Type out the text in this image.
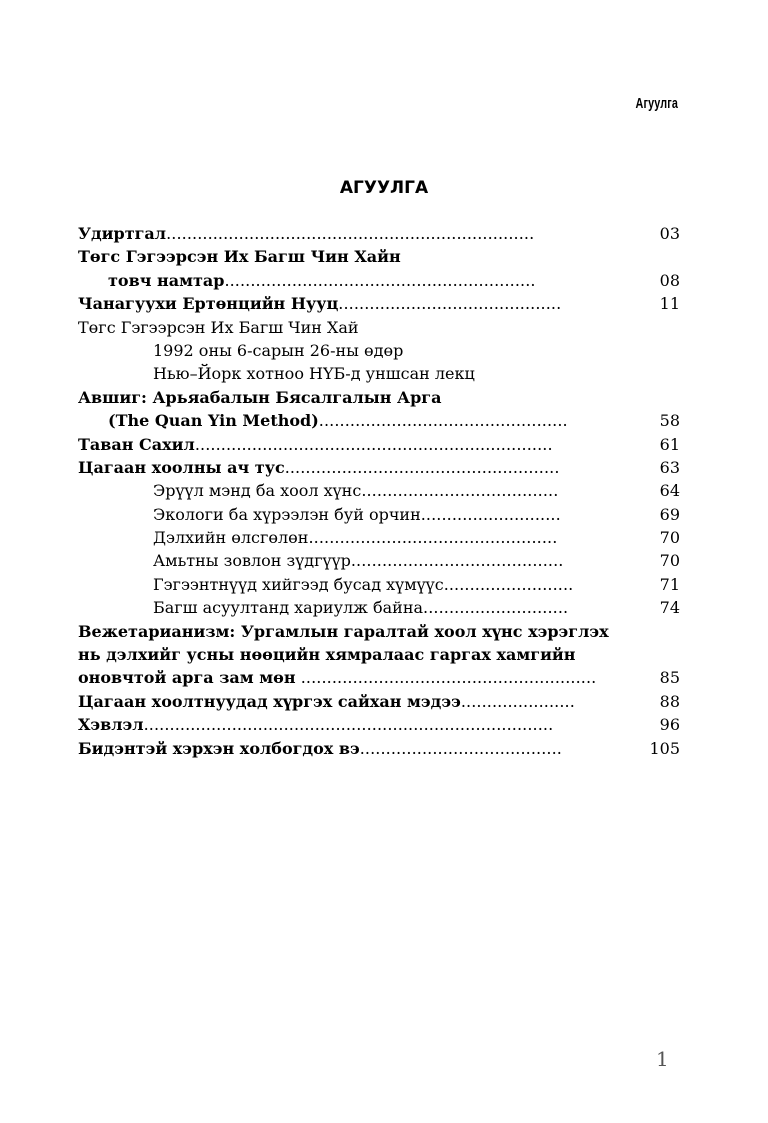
Агуулга
АГУУЛГА
Удиртгал.......................................................................	03
Төгс Гэгээрсэн Их Багш Чин Хайн
товч намтар............................................................	08
Чанагуухи Ертөнцийн Нууц...........................................	11
Төгс Гэгээрсэн Их Багш Чин Хай
1992 оны 6-сарын 26-ны өдөр
Нью–Йорк хотноо НҮБ-д уншсан лекц
Авшиг: Арьяабалын Бясалгалын Арга
(The Quan Yin Method)................................................	58
Таван Сахил.....................................................................	61
Цагаан хоолны ач тус.....................................................	63
Эрүүл мэнд ба хоол хүнс......................................	64
Экологи ба хүрээлэн буй орчин...........................	69
Дэлхийн өлсгөлөн................................................	70
Амьтны зовлон зүдгүүр.........................................	70
Гэгээнтнүүд хийгээд бусад хүмүүс.........................	71
Багш асуултанд хариулж байна............................	74
Вежетарианизм: Ургамлын гаралтай хоол хүнс хэрэглэх
нь дэлхийг усны нөөцийн хямралаас гаргах хамгийн
оновчтой арга зам мөн .........................................................	85
Цагаан хоолтнуудад хүргэх сайхан мэдээ......................	88
Хэвлэл...............................................................................	96
Бидэнтэй хэрхэн холбогдох вэ.......................................	105
1
